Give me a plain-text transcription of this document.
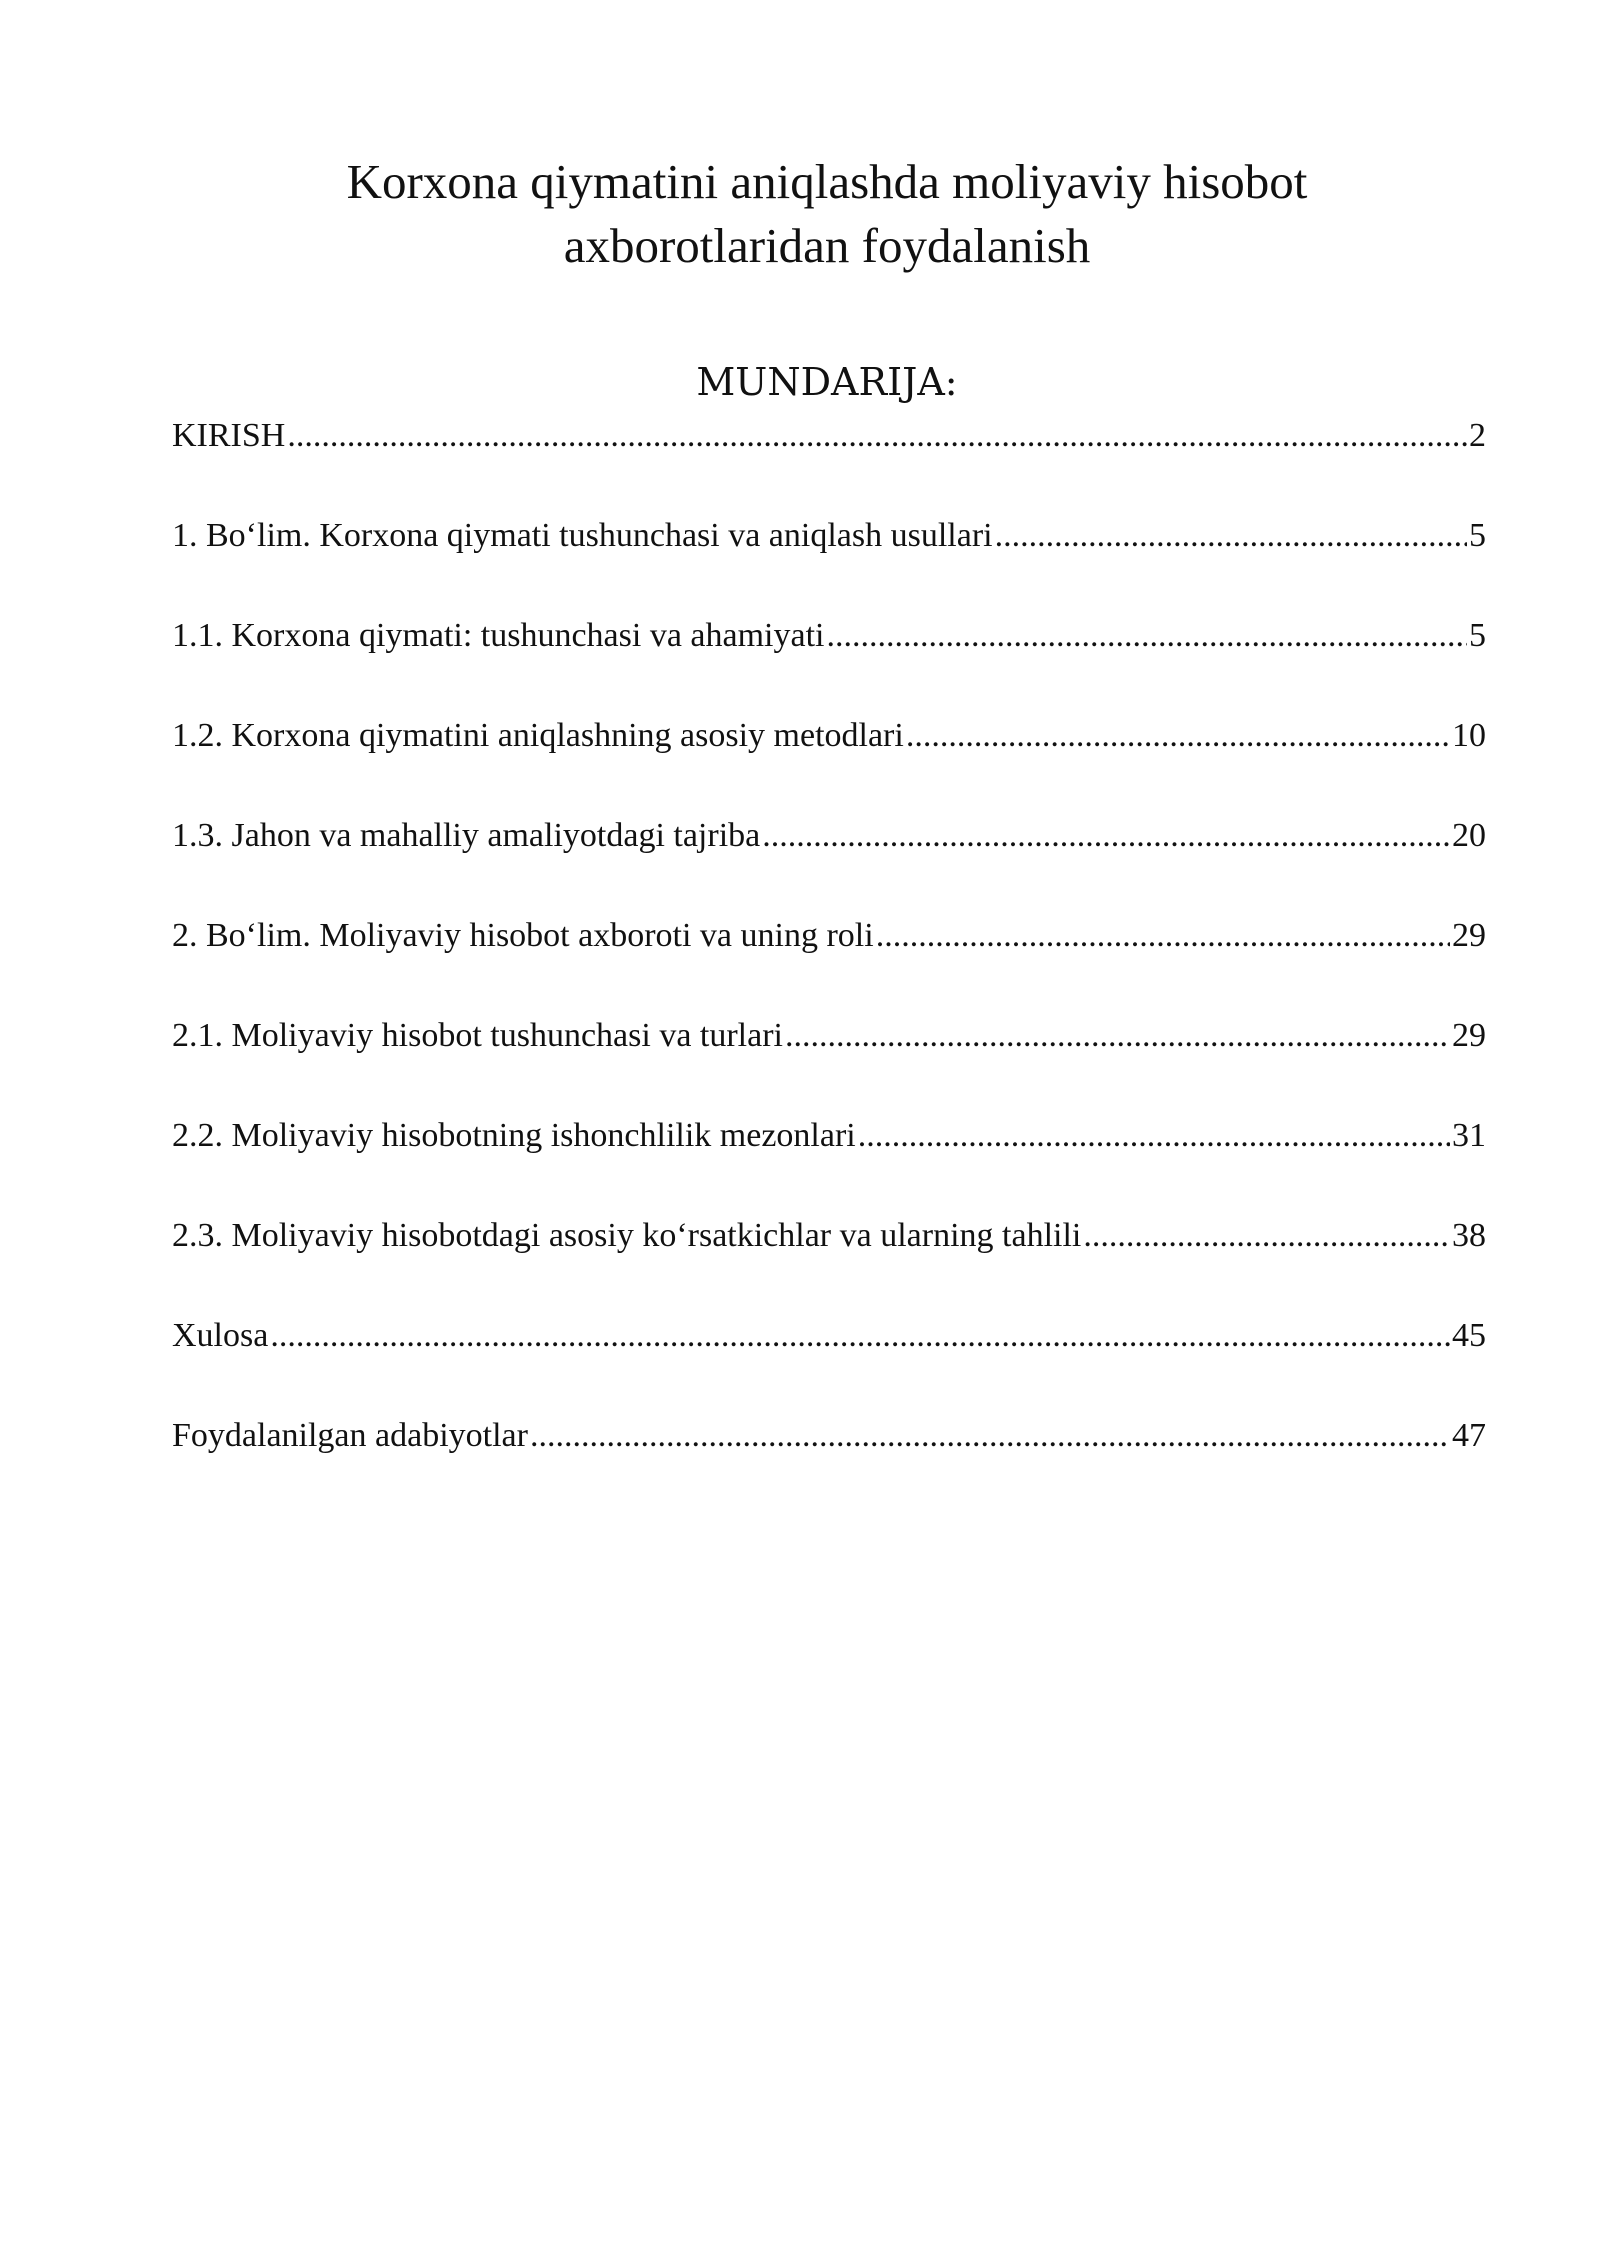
Korxona qiymatini aniqlashda moliyaviy hisobot
axborotlaridan foydalanish
MUNDARIJA:
KIRISH .....	2
1. Bo‘lim. Korxona qiymati tushunchasi va aniqlash usullari .....	5
1.1. Korxona qiymati: tushunchasi va ahamiyati .....	5
1.2. Korxona qiymatini aniqlashning asosiy metodlari .....	10
1.3. Jahon va mahalliy amaliyotdagi tajriba .....	20
2. Bo‘lim. Moliyaviy hisobot axboroti va uning roli .....	29
2.1. Moliyaviy hisobot tushunchasi va turlari .....	29
2.2. Moliyaviy hisobotning ishonchlilik mezonlari .....	31
2.3. Moliyaviy hisobotdagi asosiy ko‘rsatkichlar va ularning tahlili .....	38
Xulosa .....	45
Foydalanilgan adabiyotlar .....	47
